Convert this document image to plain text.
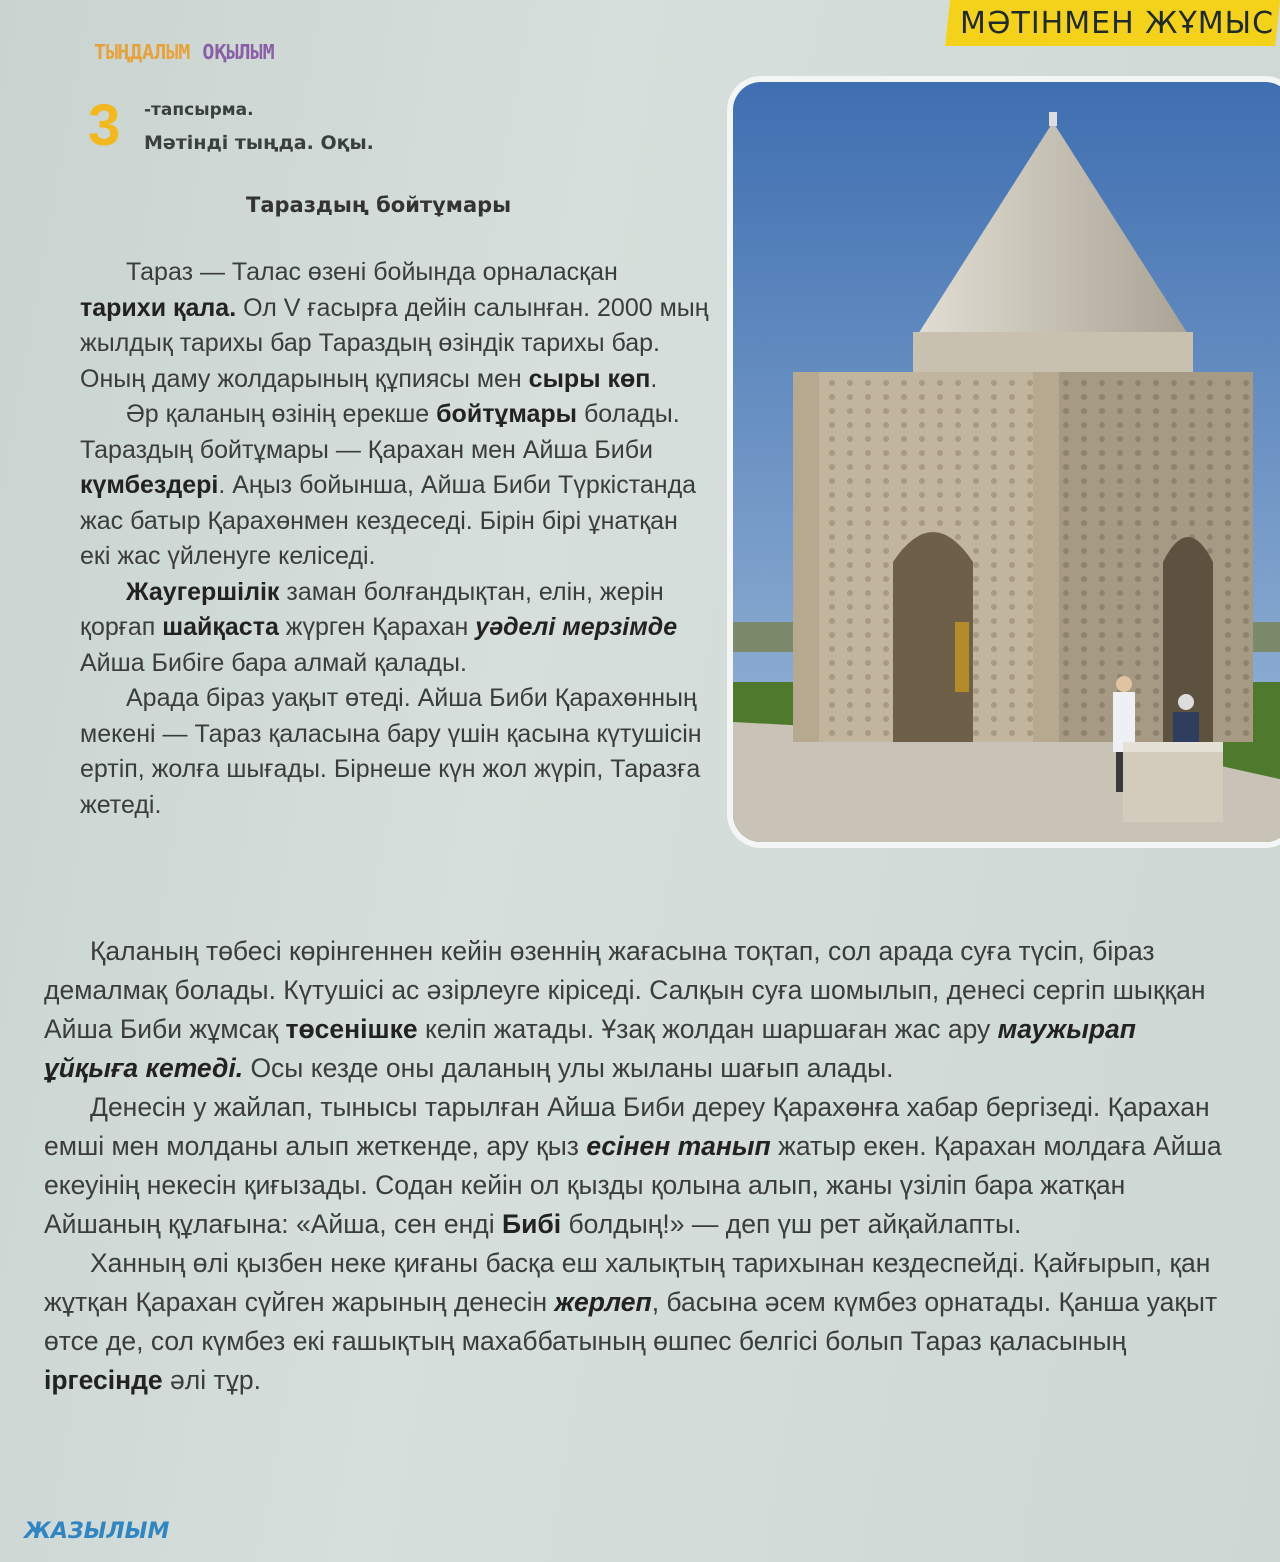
МӘТІНМЕН ЖҰМЫС
ТЫҢДАЛЫМ ОҚЫЛЫМ
3 -тапсырма.
Мәтінді тыңда. Оқы.
Тараздың бойтұмары

Тараз — Талас өзені бойында орналасқан тарихи қала. Ол V ғасырға дейін салынған. 2000 мың жылдық тарихы бар Тараздың өзіндік тарихы бар. Оның даму жолдарының құпиясы мен сыры көп.

Әр қаланың өзінің ерекше бойтұмары болады. Тараздың бойтұмары — Қарахан мен Айша Биби күмбездері. Аңыз бойынша, Айша Биби Түркістанда жас батыр Қарахөнмен кездеседі. Бірін бірі ұнатқан екі жас үйленуге келіседі.

Жаугершілік заман болғандықтан, елін, жерін қорғап шайқаста жүрген Қарахан уәделі мерзімде Айша Бибіге бара алмай қалады.

Арада біраз уақыт өтеді. Айша Биби Қарахөнның мекені — Тараз қаласына бару үшін қасына күтушісін ертіп, жолға шығады. Бірнеше күн жол жүріп, Таразға жетеді.

Қаланың төбесі көрінгеннен кейін өзеннің жағасына тоқтап, сол арада суға түсіп, біраз демалмақ болады. Күтушісі ас әзірлеуге кіріседі. Салқын суға шомылып, денесі сергіп шыққан Айша Биби жұмсақ төсенішке келіп жатады. Ұзақ жолдан шаршаған жас ару маужырап ұйқыға кетеді. Осы кезде оны даланың улы жыланы шағып алады.

Денесін у жайлап, тынысы тарылған Айша Биби дереу Қарахөнға хабар бергізеді. Қарахан емші мен молданы алып жеткенде, ару қыз есінен танып жатыр екен. Қарахан молдаға Айша екеуінің некесін қиғызады. Содан кейін ол қызды қолына алып, жаны үзіліп бара жатқан Айшаның құлағына: «Айша, сен енді Бибі болдың!» — деп үш рет айқайлапты.

Ханның өлі қызбен неке қиғаны басқа еш халықтың тарихынан кездеспейді. Қайғырып, қан жұтқан Қарахан сүйген жарының денесін жерлеп, басына әсем күмбез орнатады. Қанша уақыт өтсе де, сол күмбез екі ғашықтың махаббатының өшпес белгісі болып Тараз қаласының іргесінде әлі тұр.

ЖАЗЫЛЫМ
